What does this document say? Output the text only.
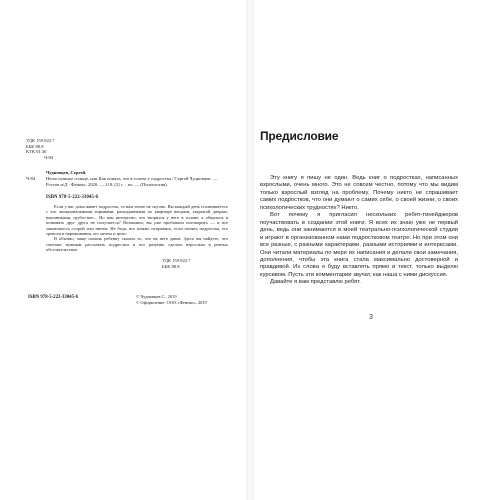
УДК 159.922.7
ББК 88.8
КТК 01.30
Ч-84
Чудновцев, Сергей.
Ч-84	Непослушное солнце, или Как понять, что в голове у подростка / Сергей Чудновцев. — Ростов н/Д : Феникс, 2020. — 218, [2] с. : ил. — (Психология).
ISBN 978-5-222-33045-6

Если у вас дома живет подросток, то вам точно не скучно. Вы каждый день сталкиваетесь с его эмоциональными взрывами, раскиданными по квартире вещами, закрытой дверью, наушниками, грубостью... Но вам интересно, что творится у него в голове, а общаться и понимать друг друга не получается? Возможно, вы уже пробовали поговорить — и все закончилось ссорой или ничем. Не беда, все можно исправить, если понять подростка, его тревоги и переживания, его мечты и цели.

В обычно, чаще помочь ребенку сказать то, что на него давит. Здесь вы найдете, что считают нужным рассказать подростки и что разумно сделать взрослым в разных обстоятельствах.

УДК 159.922.7
ББК 88.8
ISBN 978-5-222-33045-6	© Чудновцев С., 2019
© Оформление: ООО «Феникс», 2019
Предисловие

Эту книгу я пишу не один. Ведь книг о подростках, написанных взрослыми, очень много. Это не совсем честно, потому что мы видим только взрослый взгляд на проблему. Почему никто не спрашивает самих подростков, что они думают о самих себе, о своей жизни, о своих психологических трудностях? Никто.

Вот почему я пригласил нескольких ребят-тинейджеров поучаствовать в создании этой книги. Я всех их знаю уже не первый день, ведь они занимаются в моей театрально-психологической студии и играют в организованном нами подростковом театре. Но при этом они все разные, с разными характерами, разными историями и интересами. Они читали материалы по мере их написания и делали свои замечания, дополнения, чтобы эта книга стала максимально достоверной и правдивой. Их слова я буду вставлять прямо в текст, только выделю курсивом. Пусть эти комментарии звучат, как наша с ними дискуссия.

Давайте я вам представлю ребят.

3
